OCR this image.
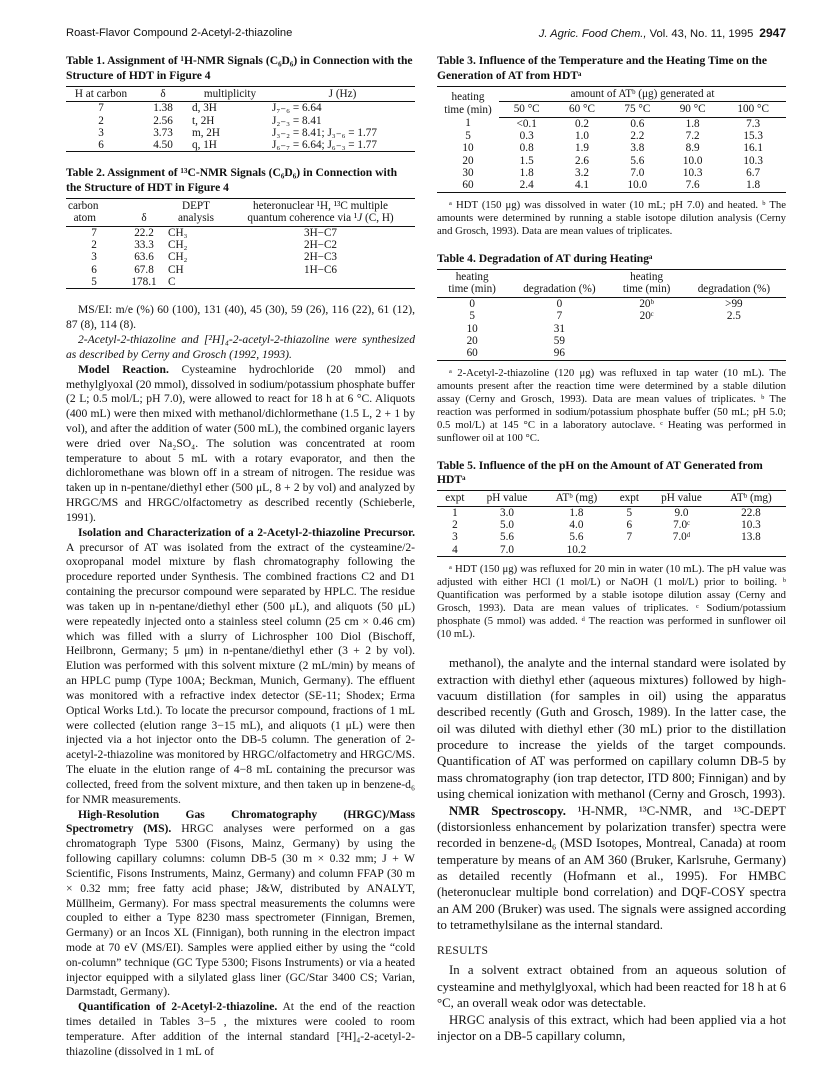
Roast-Flavor Compound 2-Acetyl-2-thiazoline	J. Agric. Food Chem., Vol. 43, No. 11, 1995 2947
Table 1. Assignment of ¹H-NMR Signals (C₆D₆) in Connection with the Structure of HDT in Figure 4
H at carbon	δ	multiplicity	J (Hz)
7	1.38	d, 3H	J₇₋₆ = 6.64
2	2.56	t, 2H	J₂₋₃ = 8.41
3	3.73	m, 2H	J₃₋₂ = 8.41; J₃₋₆ = 1.77
6	4.50	q, 1H	J₆₋₇ = 6.64; J₆₋₃ = 1.77
Table 2. Assignment of ¹³C-NMR Signals (C₆D₆) in Connection with the Structure of HDT in Figure 4
carbon
atom	δ	DEPT
analysis	heteronuclear ¹H, ¹³C multiple
quantum coherence via ¹J (C, H)
7	22.2	CH₃	3H−C7
2	33.3	CH₂	2H−C2
3	63.6	CH₂	2H−C3
6	67.8	CH	1H−C6
5	178.1	C	

MS/EI: m/e (%) 60 (100), 131 (40), 45 (30), 59 (26), 116 (22), 61 (12), 87 (8), 114 (8).

2-Acetyl-2-thiazoline and [²H]₄-2-acetyl-2-thiazoline were synthesized as described by Cerny and Grosch (1992, 1993).

Model Reaction. Cysteamine hydrochloride (20 mmol) and methylglyoxal (20 mmol), dissolved in sodium/potassium phosphate buffer (2 L; 0.5 mol/L; pH 7.0), were allowed to react for 18 h at 6 °C. Aliquots (400 mL) were then mixed with methanol/dichlormethane (1.5 L, 2 + 1 by vol), and after the addition of water (500 mL), the combined organic layers were dried over Na₂SO₄. The solution was concentrated at room temperature to about 5 mL with a rotary evaporator, and then the dichloromethane was blown off in a stream of nitrogen. The residue was taken up in n-pentane/diethyl ether (500 μL, 8 + 2 by vol) and analyzed by HRGC/MS and HRGC/olfactometry as described recently (Schieberle, 1991).

Isolation and Characterization of a 2-Acetyl-2-thiazoline Precursor. A precursor of AT was isolated from the extract of the cysteamine/2-oxopropanal model mixture by flash chromatography following the procedure reported under Synthesis. The combined fractions C2 and D1 containing the precursor compound were separated by HPLC. The residue was taken up in n-pentane/diethyl ether (500 μL), and aliquots (50 μL) were repeatedly injected onto a stainless steel column (25 cm × 0.46 cm) which was filled with a slurry of Lichrospher 100 Diol (Bischoff, Heilbronn, Germany; 5 μm) in n-pentane/diethyl ether (3 + 2 by vol). Elution was performed with this solvent mixture (2 mL/min) by means of an HPLC pump (Type 100A; Beckman, Munich, Germany). The effluent was monitored with a refractive index detector (SE-11; Shodex; Erma Optical Works Ltd.). To locate the precursor compound, fractions of 1 mL were collected (elution range 3−15 mL), and aliquots (1 μL) were then injected via a hot injector onto the DB-5 column. The generation of 2-acetyl-2-thiazoline was monitored by HRGC/olfactometry and HRGC/MS. The eluate in the elution range of 4−8 mL containing the precursor was collected, freed from the solvent mixture, and then taken up in benzene-d₆ for NMR measurements.

High-Resolution Gas Chromatography (HRGC)/Mass Spectrometry (MS). HRGC analyses were performed on a gas chromatograph Type 5300 (Fisons, Mainz, Germany) by using the following capillary columns: column DB-5 (30 m × 0.32 mm; J + W Scientific, Fisons Instruments, Mainz, Germany) and column FFAP (30 m × 0.32 mm; free fatty acid phase; J&W, distributed by ANALYT, Müllheim, Germany). For mass spectral measurements the columns were coupled to either a Type 8230 mass spectrometer (Finnigan, Bremen, Germany) or an Incos XL (Finnigan), both running in the electron impact mode at 70 eV (MS/EI). Samples were applied either by using the “cold on-column” technique (GC Type 5300; Fisons Instruments) or via a heated injector equipped with a silylated glass liner (GC/Star 3400 CS; Varian, Darmstadt, Germany).

Quantification of 2-Acetyl-2-thiazoline. At the end of the reaction times detailed in Tables 3−5 , the mixtures were cooled to room temperature. After addition of the internal standard [²H]₄-2-acetyl-2-thiazoline (dissolved in 1 mL of

Table 3. Influence of the Temperature and the Heating Time on the Generation of AT from HDTᵃ
heating
time (min)	amount of ATᵇ (μg) generated at				
	50 °C	60 °C	75 °C	90 °C	100 °C
1	<0.1	0.2	0.6	1.8	7.3
5	0.3	1.0	2.2	7.2	15.3
10	0.8	1.9	3.8	8.9	16.1
20	1.5	2.6	5.6	10.0	10.3
30	1.8	3.2	7.0	10.3	6.7
60	2.4	4.1	10.0	7.6	1.8
ᵃ HDT (150 μg) was dissolved in water (10 mL; pH 7.0) and heated. ᵇ The amounts were determined by running a stable isotope dilution analysis (Cerny and Grosch, 1993). Data are mean values of triplicates.
Table 4. Degradation of AT during Heatingᵃ
heating
time (min)	degradation (%)	heating
time (min)	degradation (%)
0	0	20ᵇ	>99
5	7	20ᶜ	2.5
10	31		
20	59		
60	96		
ᵃ 2-Acetyl-2-thiazoline (120 μg) was refluxed in tap water (10 mL). The amounts present after the reaction time were determined by a stable dilution assay (Cerny and Grosch, 1993). Data are mean values of triplicates. ᵇ The reaction was performed in sodium/potassium phosphate buffer (50 mL; pH 5.0; 0.5 mol/L) at 145 °C in a laboratory autoclave. ᶜ Heating was performed in sunflower oil at 100 °C.
Table 5. Influence of the pH on the Amount of AT Generated from HDTᵃ
expt	pH value	ATᵇ (mg)	expt	pH value	ATᵇ (mg)
1	3.0	1.8	5	9.0	22.8
2	5.0	4.0	6	7.0ᶜ	10.3
3	5.6	5.6	7	7.0ᵈ	13.8
4	7.0	10.2			
ᵃ HDT (150 μg) was refluxed for 20 min in water (10 mL). The pH value was adjusted with either HCl (1 mol/L) or NaOH (1 mol/L) prior to boiling. ᵇ Quantification was performed by a stable isotope dilution assay (Cerny and Grosch, 1993). Data are mean values of triplicates. ᶜ Sodium/potassium phosphate (5 mmol) was added. ᵈ The reaction was performed in sunflower oil (10 mL).

methanol), the analyte and the internal standard were isolated by extraction with diethyl ether (aqueous mixtures) followed by high-vacuum distillation (for samples in oil) using the apparatus described recently (Guth and Grosch, 1989). In the latter case, the oil was diluted with diethyl ether (30 mL) prior to the distillation procedure to increase the yields of the target compounds. Quantification of AT was performed on capillary column DB-5 by mass chromatography (ion trap detector, ITD 800; Finnigan) and by using chemical ionization with methanol (Cerny and Grosch, 1993).

NMR Spectroscopy. ¹H-NMR, ¹³C-NMR, and ¹³C-DEPT (distorsionless enhancement by polarization transfer) spectra were recorded in benzene-d₆ (MSD Isotopes, Montreal, Canada) at room temperature by means of an AM 360 (Bruker, Karlsruhe, Germany) as detailed recently (Hofmann et al., 1995). For HMBC (heteronuclear multiple bond correlation) and DQF-COSY spectra an AM 200 (Bruker) was used. The signals were assigned according to tetramethylsilane as the internal standard.

RESULTS

In a solvent extract obtained from an aqueous solution of cysteamine and methylglyoxal, which had been reacted for 18 h at 6 °C, an overall weak odor was detectable.

HRGC analysis of this extract, which had been applied via a hot injector on a DB-5 capillary column,
